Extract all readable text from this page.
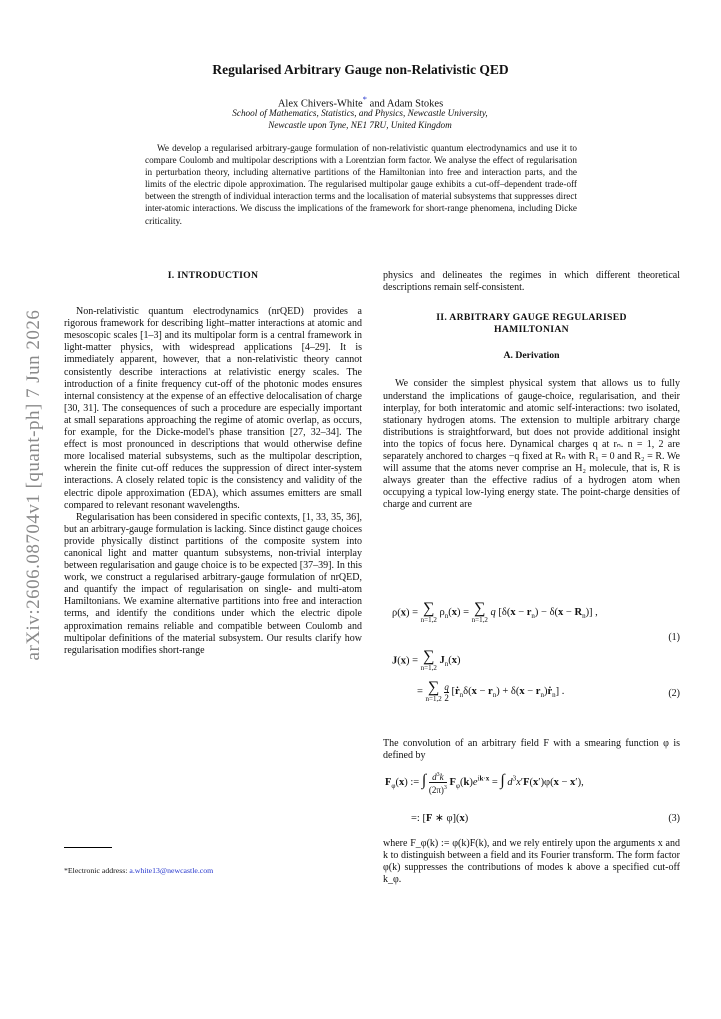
arXiv:2606.08704v1 [quant-ph] 7 Jun 2026
Regularised Arbitrary Gauge non-Relativistic QED
Alex Chivers-White* and Adam Stokes
School of Mathematics, Statistics, and Physics, Newcastle University,
Newcastle upon Tyne, NE1 7RU, United Kingdom
We develop a regularised arbitrary-gauge formulation of non-relativistic quantum electrodynamics and use it to compare Coulomb and multipolar descriptions with a Lorentzian form factor. We analyse the effect of regularisation in perturbation theory, including alternative partitions of the Hamiltonian into free and interaction parts, and the limits of the electric dipole approximation. The regularised multipolar gauge exhibits a cut-off–dependent trade-off between the strength of individual interaction terms and the localisation of material subsystems that suppresses direct inter-atomic interactions. We discuss the implications of the framework for short-range phenomena, including Dicke criticality.
I. INTRODUCTION

Non-relativistic quantum electrodynamics (nrQED) provides a rigorous framework for describing light–matter interactions at atomic and mesoscopic scales [1–3] and its multipolar form is a central framework in light-matter physics, with widespread applications [4–29]. It is immediately apparent, however, that a non-relativistic theory cannot consistently describe interactions at relativistic energy scales. The introduction of a finite frequency cut-off of the photonic modes ensures internal consistency at the expense of an effective delocalisation of charge [30, 31]. The consequences of such a procedure are especially important at small separations approaching the regime of atomic overlap, as occurs, for example, for the Dicke-model's phase transition [27, 32–34]. The effect is most pronounced in descriptions that would otherwise define more localised material subsystems, such as the multipolar description, wherein the finite cut-off reduces the suppression of direct inter-system interactions. A closely related topic is the consistency and validity of the electric dipole approximation (EDA), which assumes emitters are small compared to relevant resonant wavelengths.

Regularisation has been considered in specific contexts, [1, 33, 35, 36], but an arbitrary-gauge formulation is lacking. Since distinct gauge choices provide physically distinct partitions of the composite system into canonical light and matter quantum subsystems, non-trivial interplay between regularisation and gauge choice is to be expected [37–39]. In this work, we construct a regularised arbitrary-gauge formulation of nrQED, and quantify the impact of regularisation on single- and multi-atom Hamiltonians. We examine alternative partitions into free and interaction terms, and identify the conditions under which the electric dipole approximation remains reliable and compatible between Coulomb and multipolar definitions of the material subsystem. Our results clarify how regularisation modifies short-range

*Electronic address: a.white13@newcastle.com

physics and delineates the regimes in which different theoretical descriptions remain self-consistent.

II. ARBITRARY GAUGE REGULARISED
HAMILTONIAN
A. Derivation

We consider the simplest physical system that allows us to fully understand the implications of gauge-choice, regularisation, and their interplay, for both interatomic and atomic self-interactions: two isolated, stationary hydrogen atoms. The extension to multiple arbitrary charge distributions is straightforward, but does not provide additional insight into the topics of focus here. Dynamical charges q at rₙ. n = 1, 2 are separately anchored to charges −q fixed at Rₙ with R₁ = 0 and R₂ = R. We will assume that the atoms never comprise an H₂ molecule, that is, R is always greater than the effective radius of a hydrogen atom when occupying a typical low-lying energy state. The point-charge densities of charge and current are

ρ(x) = ∑
n=1,2
$\rho_n(x)$ = ∑
n=1,2
q $[\delta(x - r_n) - \delta(x - R_n)]$ ,
(1)
J(x) = ∑
n=1,2
$J_n(x)$
= ∑
n=1,2
$\frac{q}{2}$ [ṙ$_n$δ(x − $r_n) + \delta(x$ − $r_n)ṙ_n$] .	(2)

The convolution of an arbitrary field F with a smearing function φ is defined by

$F_\varphi(x)$ := ∫ $\frac{d^3k}{(2\pi)^3} F_\varphi(k)e^{ik\cdot x}$ = ∫ $d^3x'F(x')\varphi(x - x')$,
=: [F ∗ φ](x)	(3)

where F_φ(k) := φ(k)F(k), and we rely entirely upon the arguments x and k to distinguish between a field and its Fourier transform. The form factor φ(k) suppresses the contributions of modes k above a specified cut-off k_φ.
